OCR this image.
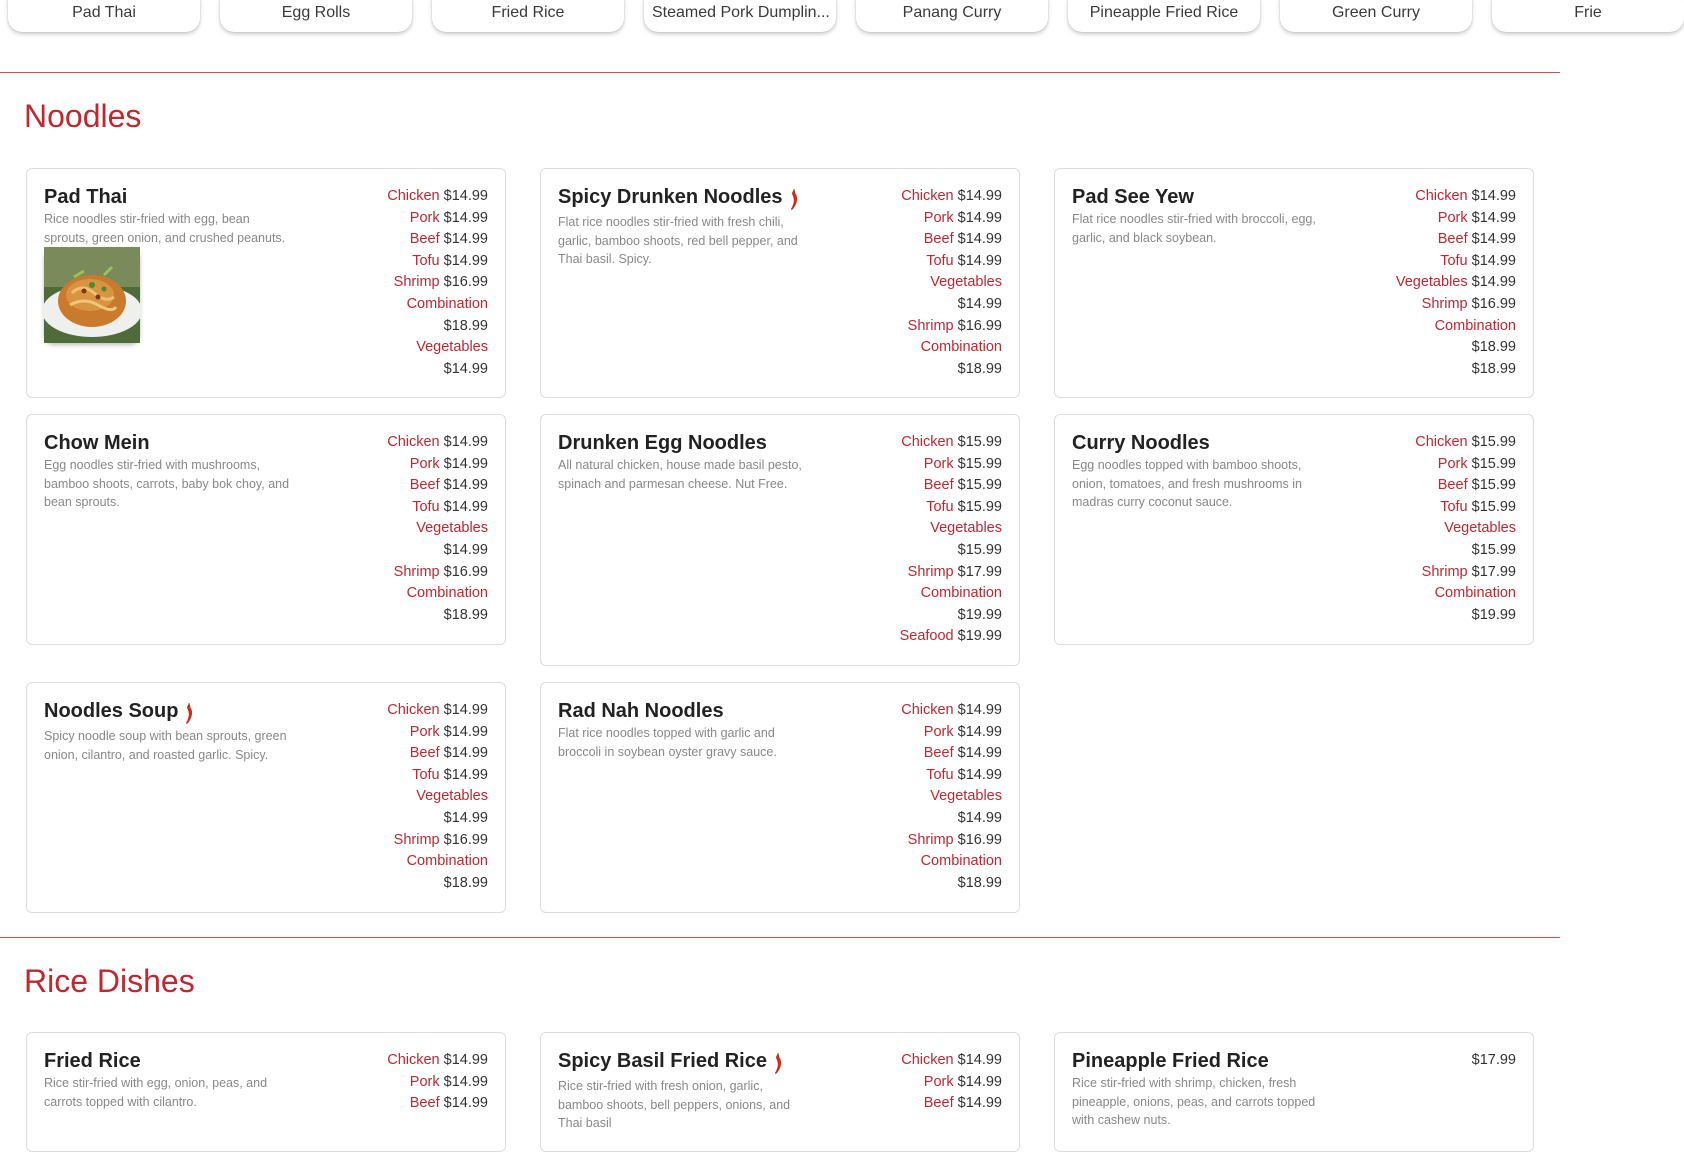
Pad Thai	Egg Rolls	Fried Rice	Steamed Pork Dumplin...	Panang Curry	Pineapple Fried Rice	Green Curry	Frie
Noodles
Pad Thai
Rice noodles stir-fried with egg, bean sprouts, green onion, and crushed peanuts.
Chicken $14.99
Pork $14.99
Beef $14.99
Tofu $14.99
Shrimp $16.99
Combination
$18.99
Vegetables
$14.99
Spicy Drunken Noodles
Flat rice noodles stir-fried with fresh chili, garlic, bamboo shoots, red bell pepper, and Thai basil. Spicy.
Chicken $14.99
Pork $14.99
Beef $14.99
Tofu $14.99
Vegetables
$14.99
Shrimp $16.99
Combination
$18.99
Pad See Yew
Flat rice noodles stir-fried with broccoli, egg, garlic, and black soybean.
Chicken $14.99
Pork $14.99
Beef $14.99
Tofu $14.99
Vegetables $14.99

Shrimp $16.99
Combination
$18.99
$18.99
Chow Mein
Egg noodles stir-fried with mushrooms, bamboo shoots, carrots, baby bok choy, and bean sprouts.
Chicken $14.99
Pork $14.99
Beef $14.99
Tofu $14.99
Vegetables
$14.99
Shrimp $16.99
Combination
$18.99
Drunken Egg Noodles
All natural chicken, house made basil pesto, spinach and parmesan cheese. Nut Free.
Chicken $15.99
Pork $15.99
Beef $15.99
Tofu $15.99
Vegetables
$15.99
Shrimp $17.99
Combination
$19.99
Seafood $19.99
Curry Noodles
Egg noodles topped with bamboo shoots, onion, tomatoes, and fresh mushrooms in madras curry coconut sauce.
Chicken $15.99
Pork $15.99
Beef $15.99
Tofu $15.99
Vegetables
$15.99
Shrimp $17.99
Combination
$19.99
Noodles Soup
Spicy noodle soup with bean sprouts, green onion, cilantro, and roasted garlic. Spicy.
Chicken $14.99
Pork $14.99
Beef $14.99
Tofu $14.99
Vegetables
$14.99
Shrimp $16.99
Combination
$18.99
Rad Nah Noodles
Flat rice noodles topped with garlic and broccoli in soybean oyster gravy sauce.
Chicken $14.99
Pork $14.99
Beef $14.99
Tofu $14.99
Vegetables
$14.99
Shrimp $16.99
Combination
$18.99
Rice Dishes
Fried Rice
Rice stir-fried with egg, onion, peas, and carrots topped with cilantro.
Chicken $14.99
Pork $14.99
Beef $14.99
Spicy Basil Fried Rice
Rice stir-fried with fresh onion, garlic, bamboo shoots, bell peppers, onions, and Thai basil
Chicken $14.99
Pork $14.99
Beef $14.99
Pineapple Fried Rice
Rice stir-fried with shrimp, chicken, fresh pineapple, onions, peas, and carrots topped with cashew nuts.
$17.99
